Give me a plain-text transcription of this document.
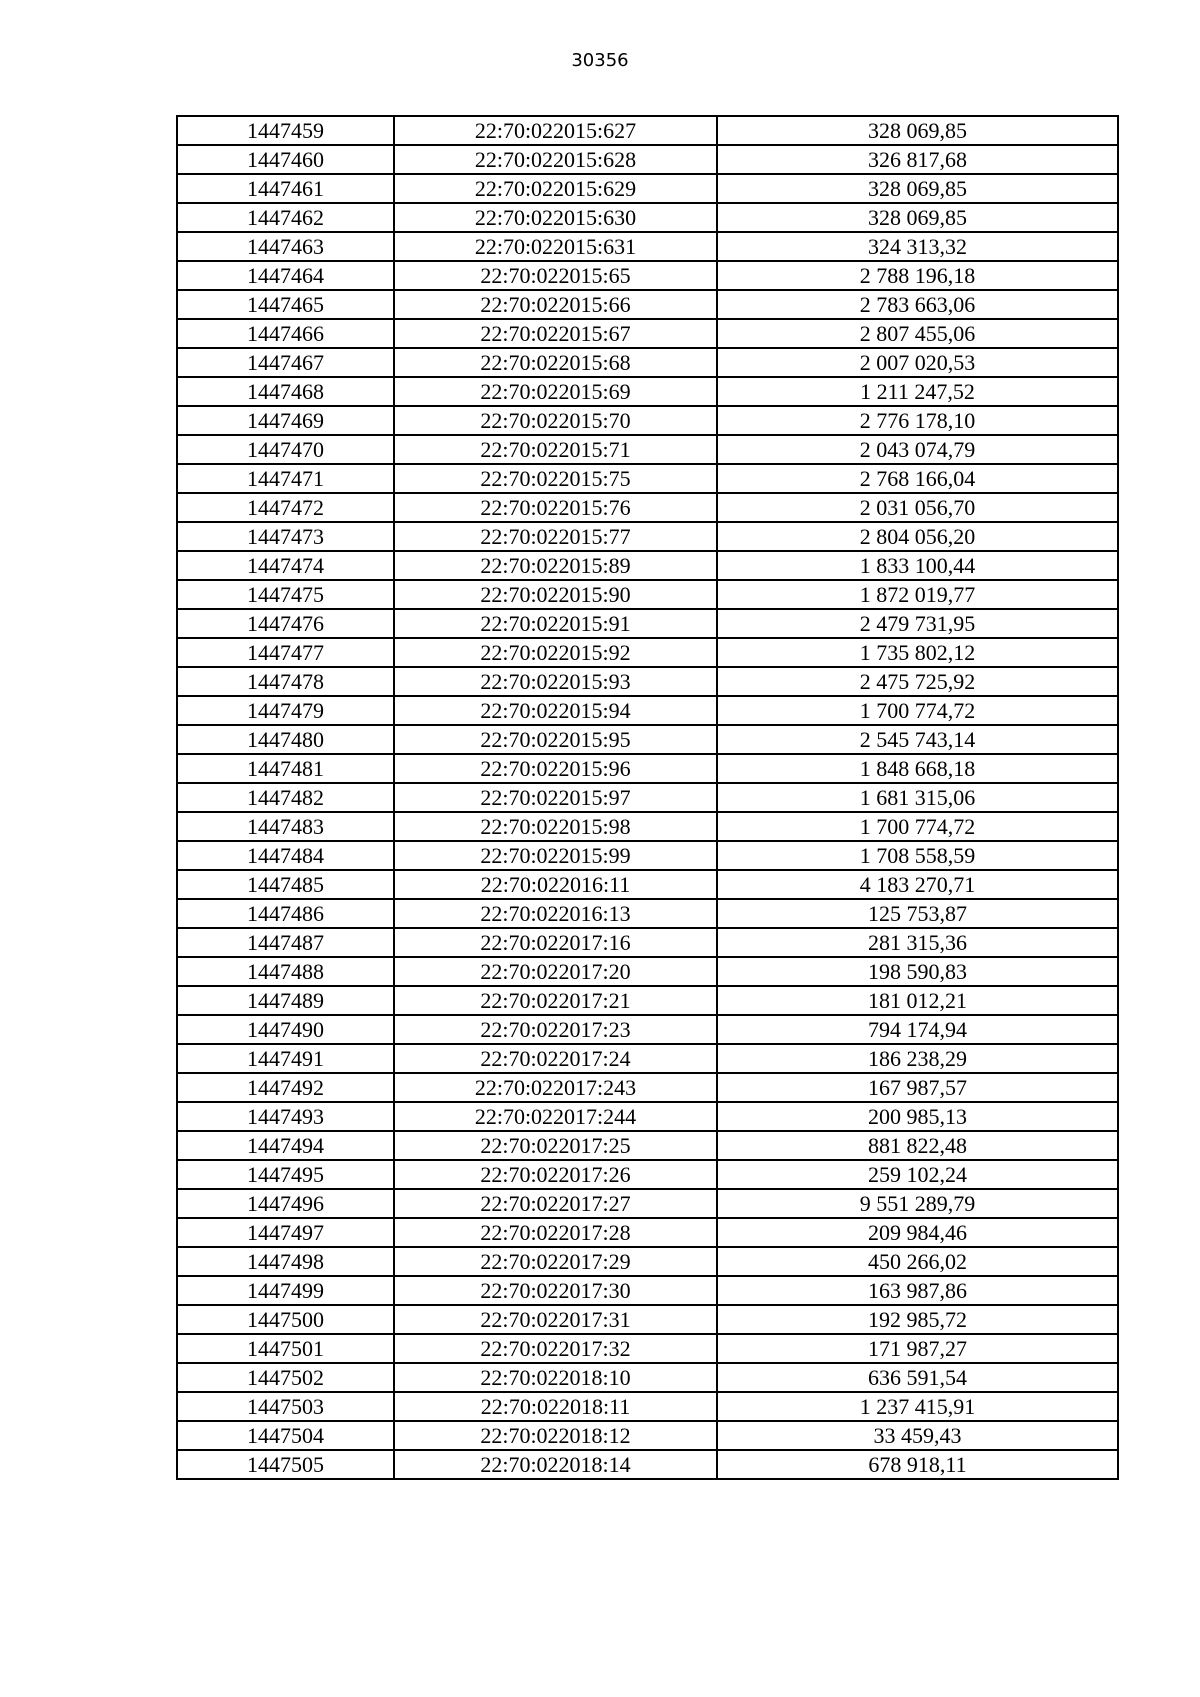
30356
1447459	22:70:022015:627	328 069,85
1447460	22:70:022015:628	326 817,68
1447461	22:70:022015:629	328 069,85
1447462	22:70:022015:630	328 069,85
1447463	22:70:022015:631	324 313,32
1447464	22:70:022015:65	2 788 196,18
1447465	22:70:022015:66	2 783 663,06
1447466	22:70:022015:67	2 807 455,06
1447467	22:70:022015:68	2 007 020,53
1447468	22:70:022015:69	1 211 247,52
1447469	22:70:022015:70	2 776 178,10
1447470	22:70:022015:71	2 043 074,79
1447471	22:70:022015:75	2 768 166,04
1447472	22:70:022015:76	2 031 056,70
1447473	22:70:022015:77	2 804 056,20
1447474	22:70:022015:89	1 833 100,44
1447475	22:70:022015:90	1 872 019,77
1447476	22:70:022015:91	2 479 731,95
1447477	22:70:022015:92	1 735 802,12
1447478	22:70:022015:93	2 475 725,92
1447479	22:70:022015:94	1 700 774,72
1447480	22:70:022015:95	2 545 743,14
1447481	22:70:022015:96	1 848 668,18
1447482	22:70:022015:97	1 681 315,06
1447483	22:70:022015:98	1 700 774,72
1447484	22:70:022015:99	1 708 558,59
1447485	22:70:022016:11	4 183 270,71
1447486	22:70:022016:13	125 753,87
1447487	22:70:022017:16	281 315,36
1447488	22:70:022017:20	198 590,83
1447489	22:70:022017:21	181 012,21
1447490	22:70:022017:23	794 174,94
1447491	22:70:022017:24	186 238,29
1447492	22:70:022017:243	167 987,57
1447493	22:70:022017:244	200 985,13
1447494	22:70:022017:25	881 822,48
1447495	22:70:022017:26	259 102,24
1447496	22:70:022017:27	9 551 289,79
1447497	22:70:022017:28	209 984,46
1447498	22:70:022017:29	450 266,02
1447499	22:70:022017:30	163 987,86
1447500	22:70:022017:31	192 985,72
1447501	22:70:022017:32	171 987,27
1447502	22:70:022018:10	636 591,54
1447503	22:70:022018:11	1 237 415,91
1447504	22:70:022018:12	33 459,43
1447505	22:70:022018:14	678 918,11
